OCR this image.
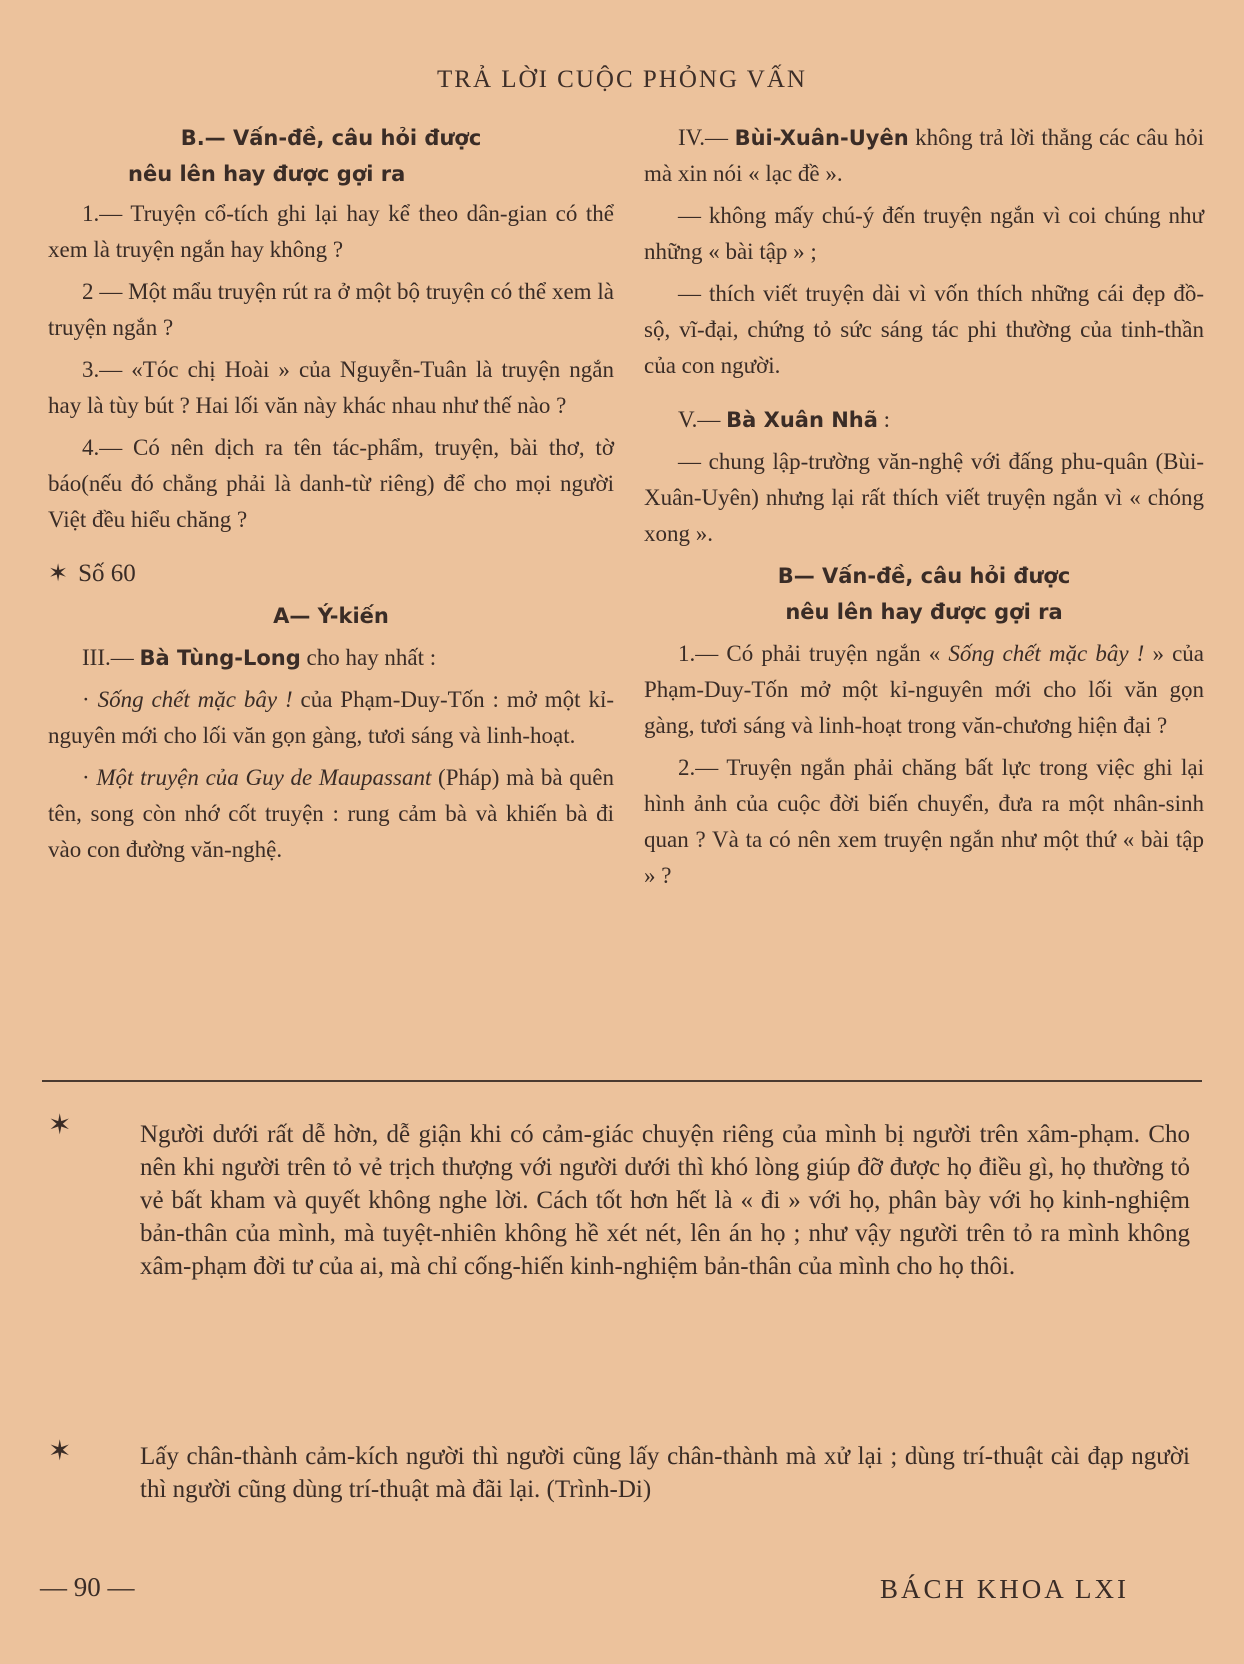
TRẢ LỜI CUỘC PHỎNG VẤN

B.— Vấn-đề, câu hỏi được

nêu lên hay được gợi ra

1.— Truyện cổ-tích ghi lại hay kể theo dân-gian có thể xem là truyện ngắn hay không ?

2 — Một mẩu truyện rút ra ở một bộ truyện có thể xem là truyện ngắn ?

3.— «Tóc chị Hoài » của Nguyễn-Tuân là truyện ngắn hay là tùy bút ? Hai lối văn này khác nhau như thế nào ?

4.— Có nên dịch ra tên tác-phẩm, truyện, bài thơ, tờ báo(nếu đó chẳng phải là danh-từ riêng) để cho mọi người Việt đều hiểu chăng ?

✶ Số 60

A— Ý-kiến

III.— Bà Tùng-Long cho hay nhất :

· Sống chết mặc bây ! của Phạm-Duy-Tốn : mở một kỉ-nguyên mới cho lối văn gọn gàng, tươi sáng và linh-hoạt.

· Một truyện của Guy de Maupassant (Pháp) mà bà quên tên, song còn nhớ cốt truyện : rung cảm bà và khiến bà đi vào con đường văn-nghệ.

IV.— Bùi-Xuân-Uyên không trả lời thẳng các câu hỏi mà xin nói « lạc đề ».

— không mấy chú-ý đến truyện ngắn vì coi chúng như những « bài tập » ;

— thích viết truyện dài vì vốn thích những cái đẹp đồ-sộ, vĩ-đại, chứng tỏ sức sáng tác phi thường của tinh-thần của con người.

V.— Bà Xuân Nhã :

— chung lập-trường văn-nghệ với đấng phu-quân (Bùi-Xuân-Uyên) nhưng lại rất thích viết truyện ngắn vì « chóng xong ».

B— Vấn-đề, câu hỏi được

nêu lên hay được gợi ra

1.— Có phải truyện ngắn « Sống chết mặc bây ! » của Phạm-Duy-Tốn mở một kỉ-nguyên mới cho lối văn gọn gàng, tươi sáng và linh-hoạt trong văn-chương hiện đại ?

2.— Truyện ngắn phải chăng bất lực trong việc ghi lại hình ảnh của cuộc đời biến chuyển, đưa ra một nhân-sinh quan ? Và ta có nên xem truyện ngắn như một thứ « bài tập » ?

✶	Người dưới rất dễ hờn, dễ giận khi có cảm-giác chuyện riêng của mình bị người trên xâm-phạm. Cho nên khi người trên tỏ vẻ trịch thượng với người dưới thì khó lòng giúp đỡ được họ điều gì, họ thường tỏ vẻ bất kham và quyết không nghe lời. Cách tốt hơn hết là « đi » với họ, phân bày với họ kinh-nghiệm bản-thân của mình, mà tuyệt-nhiên không hề xét nét, lên án họ ; như vậy người trên tỏ ra mình không xâm-phạm đời tư của ai, mà chỉ cống-hiến kinh-nghiệm bản-thân của mình cho họ thôi.
✶	Lấy chân-thành cảm-kích người thì người cũng lấy chân-thành mà xử lại ; dùng trí-thuật cài đạp người thì người cũng dùng trí-thuật mà đãi lại. (Trình-Di)
— 90 —	BÁCH KHOA LXI
